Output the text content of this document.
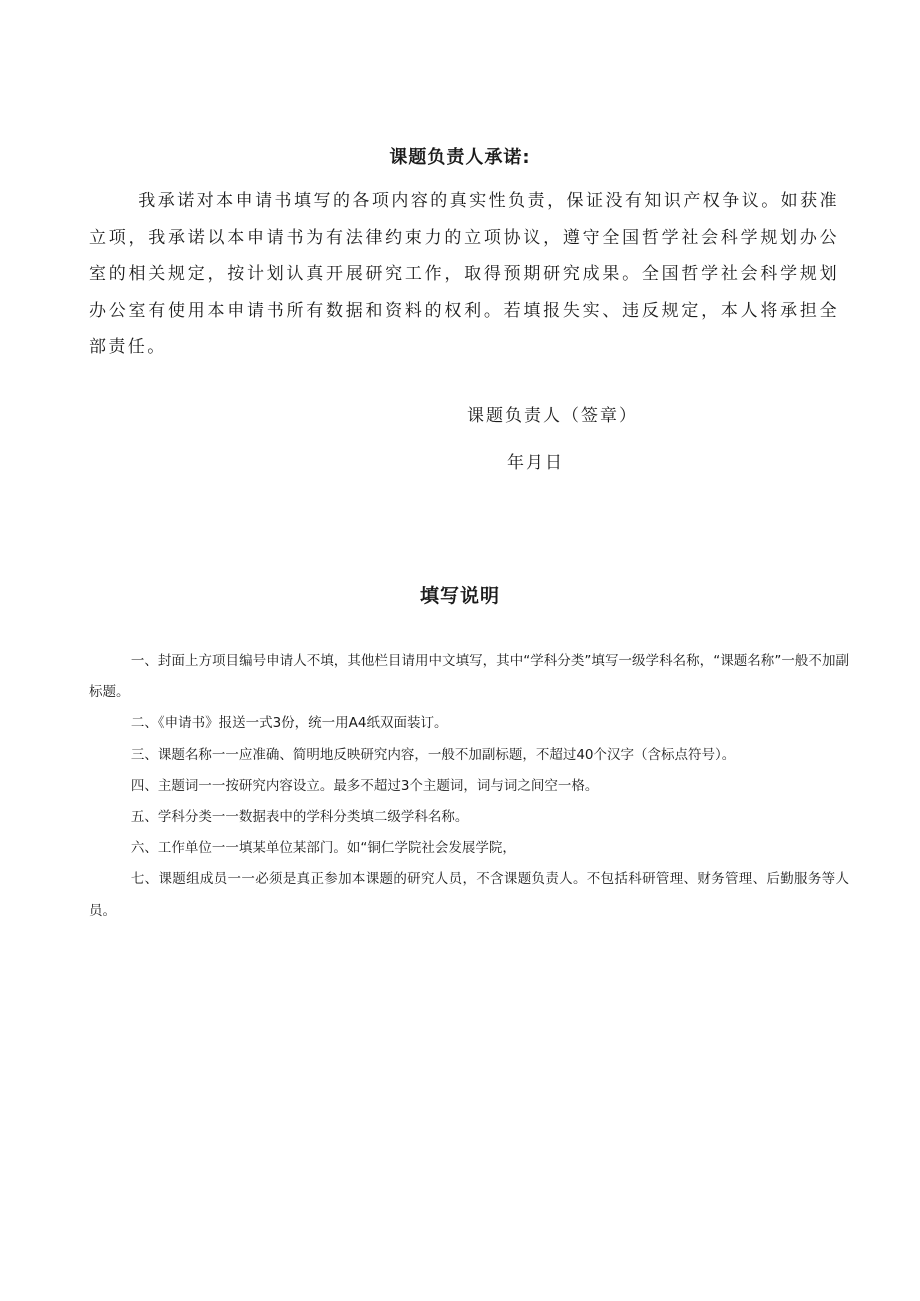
课题负责人承诺:

我承诺对本申请书填写的各项内容的真实性负责，保证没有知识产权争议。如获准立项，我承诺以本申请书为有法律约束力的立项协议，遵守全国哲学社会科学规划办公室的相关规定，按计划认真开展研究工作，取得预期研究成果。全国哲学社会科学规划办公室有使用本申请书所有数据和资料的权利。若填报失实、违反规定，本人将承担全部责任。

课题负责人（签章）
年月日
填写说明
一、封面上方项目编号申请人不填，其他栏目请用中文填写，其中“学科分类”填写一级学科名称，“课题名称”一般不加副标题。
二、《申请书》报送一式3份，统一用A4纸双面装订。
三、课题名称一一应准确、简明地反映研究内容，一般不加副标题，不超过40个汉字（含标点符号）。
四、主题词一一按研究内容设立。最多不超过3个主题词，词与词之间空一格。
五、学科分类一一数据表中的学科分类填二级学科名称。
六、工作单位一一填某单位某部门。如“铜仁学院社会发展学院，
七、课题组成员一一必须是真正参加本课题的研究人员，不含课题负责人。不包括科研管理、财务管理、后勤服务等人员。
